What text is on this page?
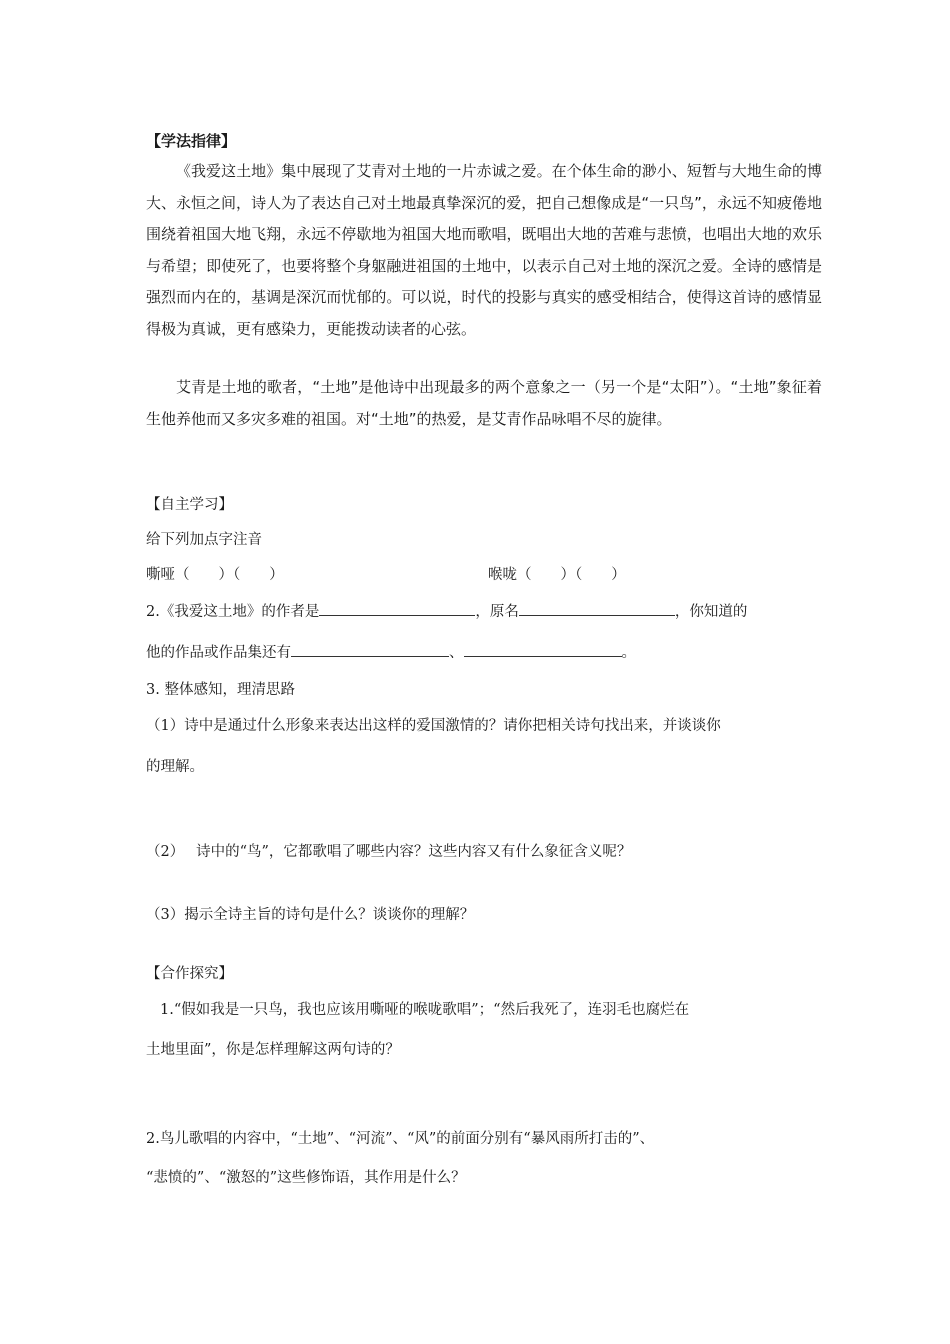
【学法指律】
《我爱这土地》集中展现了艾青对土地的一片赤诚之爱。在个体生命的渺小、短暂与大地生命的博大、永恒之间，诗人为了表达自己对土地最真挚深沉的爱，把自己想像成是“一只鸟”，永远不知疲倦地围绕着祖国大地飞翔，永远不停歇地为祖国大地而歌唱，既唱出大地的苦难与悲愤，也唱出大地的欢乐与希望；即使死了，也要将整个身躯融进祖国的土地中，以表示自己对土地的深沉之爱。全诗的感情是强烈而内在的，基调是深沉而忧郁的。可以说，时代的投影与真实的感受相结合，使得这首诗的感情显得极为真诚，更有感染力，更能拨动读者的心弦。
艾青是土地的歌者，“土地”是他诗中出现最多的两个意象之一（另一个是“太阳”）。“土地”象征着生他养他而又多灾多难的祖国。对“土地”的热爱，是艾青作品咏唱不尽的旋律。
【自主学习】
给下列加点字注音
嘶哑（　　）（　　）	喉咙（　　）（　　）
2.《我爱这土地》的作者是	，原名	，你知道的
他的作品或作品集还有	、	。
3. 整体感知，理清思路
（1）诗中是通过什么形象来表达出这样的爱国激情的？请你把相关诗句找出来，并谈谈你
的理解。
（2）　 诗中的“鸟”，它都歌唱了哪些内容？这些内容又有什么象征含义呢？
（3）揭示全诗主旨的诗句是什么？谈谈你的理解？
【合作探究】
1.“假如我是一只鸟，我也应该用嘶哑的喉咙歌唱”；“然后我死了，连羽毛也腐烂在
土地里面”，你是怎样理解这两句诗的？
2.鸟儿歌唱的内容中，“土地”、“河流”、“风”的前面分别有“暴风雨所打击的”、
“悲愤的”、“激怒的”这些修饰语，其作用是什么？
